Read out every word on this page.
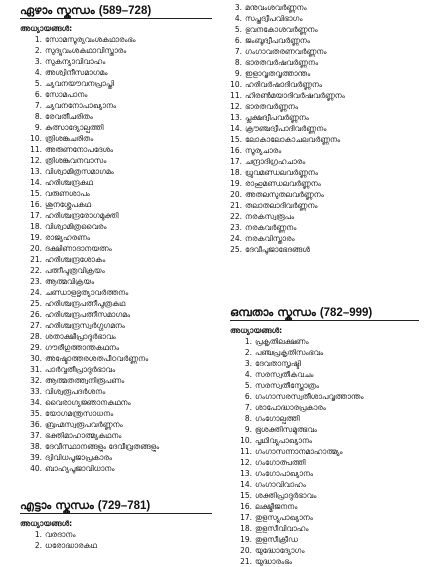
ഏഴാം സ്കന്ധം (589–728)
അധ്യായങ്ങൾ:
1. സോമസൂര്യവംശകഥാരംഭം
2. സുദ്യുവംശകഥാവിസ്താരം
3. സുകന്യാവിവാഹം
4. അശ്വിനീസമാഗമം
5. ച്യവനയൗവനപ്രാപ്തി
6. സോമപാനം
7. ച്യവനനോപാഖ്യാനം
8. രേവതീചരിതം
9. കുത്സാദ്യോല്പത്തി
10. ത്രിശങ്കുചരിതം
11. അരുണനോപദേശം
12. ത്രിശങ്കുവനവാസം
13. വിശ്വാമിത്രസമാഗമം
14. ഹരിശ്ചന്ദ്രകഥ
15. വരുണശാപം
16. ശുനശ്ശേപകഥ
17. ഹരിശ്ചന്ദ്രരോഗമുക്തി
18. വിശ്വാമിത്രവൈരം
19. രാജ്യഹരണം
20. ദക്ഷിണാദാനയത്നം
21. ഹരിശ്ചന്ദ്രശോകം
22. പത്നീപുത്രവിക്രയം
23. ആത്മവിക്രയം
24. ചണ്ഡാളഭൃത്യാവർത്തനം
25. ഹരിശ്ചന്ദ്രപത്നീപുത്രകഥ
26. ഹരിശ്ചന്ദ്രപത്നീസമാഗമം
27. ഹരിശ്ചന്ദ്രസ്വർഗ്ഗഗമനം
28. ശതാക്ഷീപ്രാദുർഭാവം
29. ഗൗരീഗുത്താന്തകഥനം
30. അഷ്ടോത്തരശതപീഠവർണ്ണനം
31. പാർവ്വതീപ്രാദുർഭാവം
32. ആത്മതത്ത്വനിരൂപണം
33. വിശ്വരൂപദർശനം
34. വൈരാഗ്യജ്ഞാനകഥനം
35. യോഗമന്ത്രസാധനം
36. ബ്രഹ്മസ്വരൂപവർണ്ണനം
37. ഭക്തിമാഹാത്മ്യകഥനം
38. ദേവീസ്ഥാനങ്ങളും ദേവീവ്രതങ്ങളും
39. ദ്വിവിധപൂജാപ്രകാരം
40. ബാഹ്യപൂജാവിധാനം
എട്ടാം സ്കന്ധം (729–781)
അധ്യായങ്ങൾ:
1. വരദാനം
2. ധരോദ്ധാരകഥ
3. മനുവംശവർണ്ണനം
4. സപ്തദ്വീപവിഭാഗം
5. ഭുവനകോശവർണ്ണനം
6. ജംബൂദ്വീപവർണ്ണനം
7. ഗംഗാവതരണവർണ്ണനം
8. ഭാരതവർഷവർണ്ണനം
9. ഇളാവൃതവൃത്താന്തം
10. ഹരിവർഷാദിവർണ്ണനം
11. ഹിരൺമയാദിവർഷവർണ്ണനം
12. ഭാരതവർണ്ണനം
13. പ്ലക്ഷദ്വീപവർണ്ണനം
14. ക്രൗഞ്ചദ്വീപാദിവർണ്ണനം
15. ലോകാലോകാചലവർണ്ണനം
16. സൂര്യചാരം
17. ചന്ദ്രാദിഗ്രഹചാരം
18. ധ്രുവമണ്ഡലവർണ്ണനം
19. രാഹുമണ്ഡലവർണ്ണനം
20. അതലസുതലവർണ്ണനം
21. തലാതലാദിവർണ്ണനം
22. നരകസ്വരൂപം
23. നരകവർണ്ണനം
24. നരകവിസ്താരം
25. ദേവീപൂജാഭേദങ്ങൾ
ഒമ്പതാം സ്കന്ധം (782–999)
അധ്യായങ്ങൾ:
1. പ്രകൃതിലക്ഷണം
2. പഞ്ചപ്രകൃതിസംഭവം
3. ദേവതാസൃഷ്ടി
4. സരസ്വതീകവചം
5. സരസ്വതീസ്തോത്രം
6. ഗംഗാസരസ്വതീശാപവൃത്താന്തം
7. ശാപോദ്ധാരപ്രകാരം
8. ഗംഗോല്പത്തി
9. ഭൂശക്തിസമുത്ഭവം
10. പൃഥിവ്യുപാഖ്യാനം
11. ഗംഗാസന്നാനമാഹാത്മ്യം
12. ഗംഗോത്പത്തി
13. ഗംഗോപാഖ്യാനം
14. ഗംഗാവിവാഹം
15. ശക്തിപ്രാദുർഭാവം
16. ലക്ഷ്മീജനനം
17. തുളസ്യുപാഖ്യാനം
18. തുളസീവിവാഹം
19. തുളസീക്രീഡ
20. യുദ്ധോദ്യോഗം
21. യുദ്ധാരംഭം
